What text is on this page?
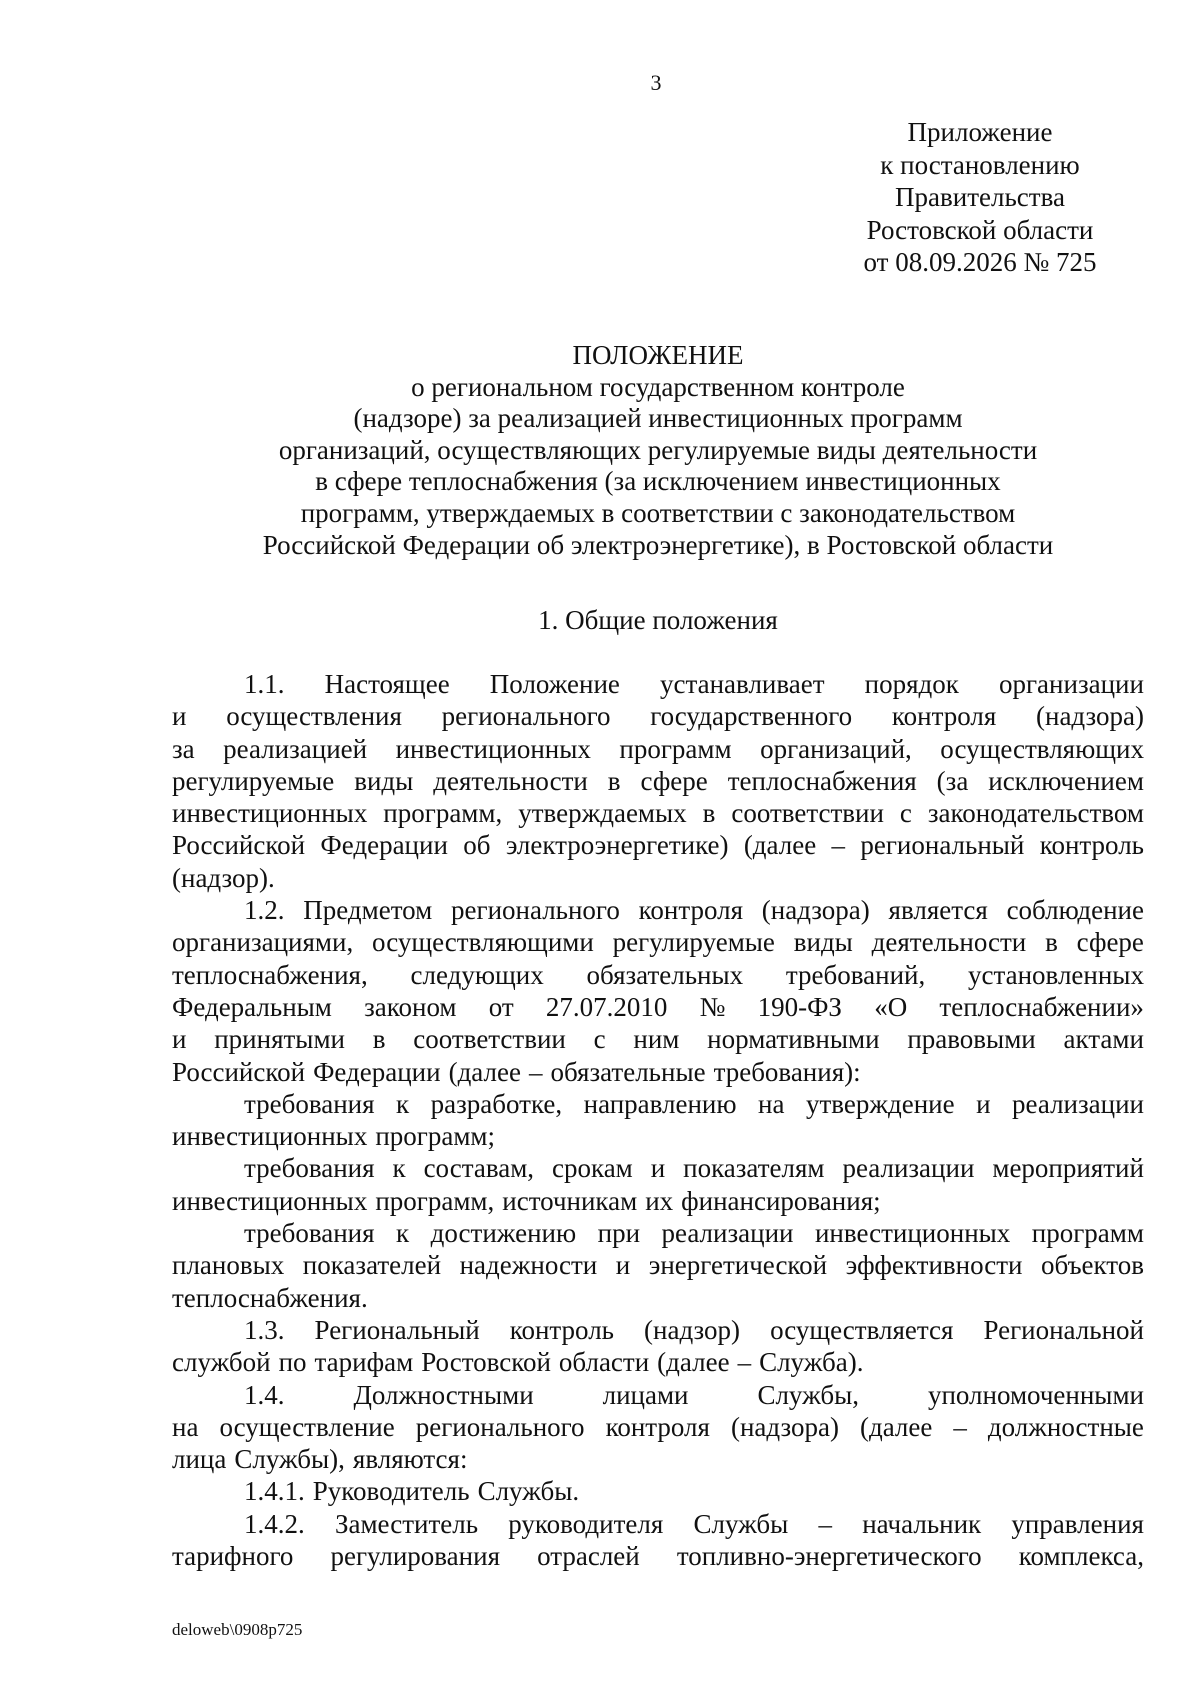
3
Приложение
к постановлению
Правительства
Ростовской области
от 08.09.2026 № 725
ПОЛОЖЕНИЕ
о региональном государственном контроле
(надзоре) за реализацией инвестиционных программ
организаций, осуществляющих регулируемые виды деятельности
в сфере теплоснабжения (за исключением инвестиционных
программ, утверждаемых в соответствии с законодательством
Российской Федерации об электроэнергетике), в Ростовской области
1. Общие положения
1.1. Настоящее Положение устанавливает порядок организации
и осуществления регионального государственного контроля (надзора)
за реализацией инвестиционных программ организаций, осуществляющих
регулируемые виды деятельности в сфере теплоснабжения (за исключением
инвестиционных программ, утверждаемых в соответствии с законодательством
Российской Федерации об электроэнергетике) (далее – региональный контроль
(надзор).
1.2. Предметом регионального контроля (надзора) является соблюдение
организациями, осуществляющими регулируемые виды деятельности в сфере
теплоснабжения, следующих обязательных требований, установленных
Федеральным законом от 27.07.2010 № 190-ФЗ «О теплоснабжении»
и принятыми в соответствии с ним нормативными правовыми актами
Российской Федерации (далее – обязательные требования):
требования к разработке, направлению на утверждение и реализации
инвестиционных программ;
требования к составам, срокам и показателям реализации мероприятий
инвестиционных программ, источникам их финансирования;
требования к достижению при реализации инвестиционных программ
плановых показателей надежности и энергетической эффективности объектов
теплоснабжения.
1.3. Региональный контроль (надзор) осуществляется Региональной
службой по тарифам Ростовской области (далее – Служба).
1.4.	Должностными	лицами	Службы,	уполномоченными
на осуществление регионального контроля (надзора) (далее – должностные
лица Службы), являются:
1.4.1. Руководитель Службы.
1.4.2. Заместитель руководителя Службы – начальник управления
тарифного регулирования отраслей топливно-энергетического комплекса,
deloweb\0908p725
